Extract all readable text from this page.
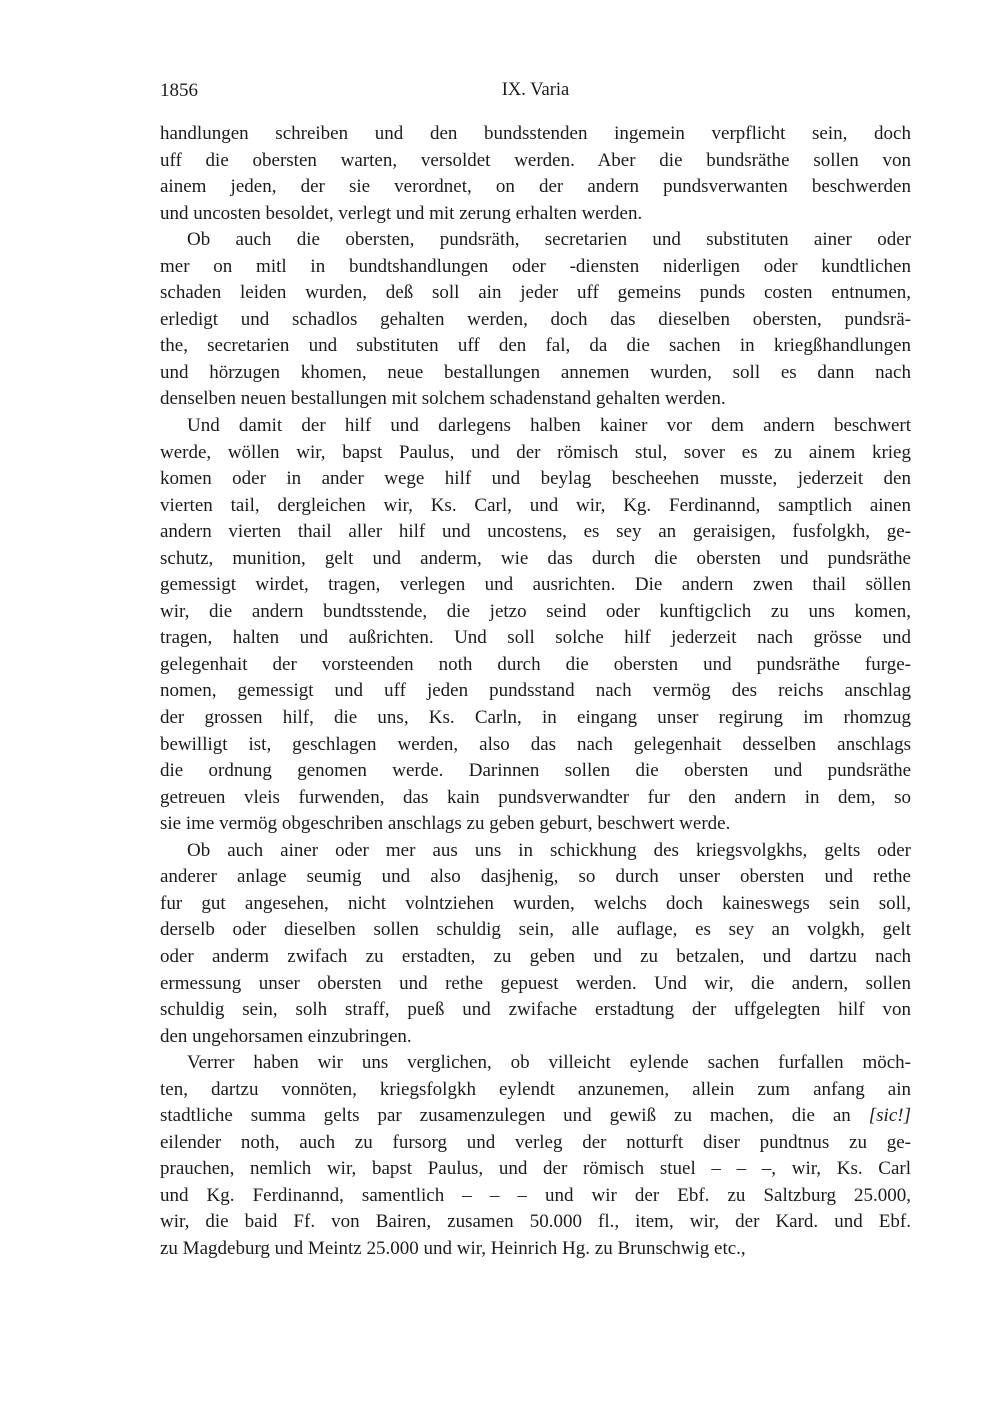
1856	IX. Varia
handlungen schreiben und den bundsstenden ingemein verpflicht sein, doch
uff die obersten warten, versoldet werden. Aber die bundsräthe sollen von
ainem jeden, der sie verordnet, on der andern pundsverwanten beschwerden
und uncosten besoldet, verlegt und mit zerung erhalten werden.
Ob auch die obersten, pundsräth, secretarien und substituten ainer oder
mer on mitl in bundtshandlungen oder -diensten niderligen oder kundtlichen
schaden leiden wurden, deß soll ain jeder uff gemeins punds costen entnumen,
erledigt und schadlos gehalten werden, doch das dieselben obersten, pundsrä-
the, secretarien und substituten uff den fal, da die sachen in kriegßhandlungen
und hörzugen khomen, neue bestallungen annemen wurden, soll es dann nach
denselben neuen bestallungen mit solchem schadenstand gehalten werden.
Und damit der hilf und darlegens halben kainer vor dem andern beschwert
werde, wöllen wir, bapst Paulus, und der römisch stul, sover es zu ainem krieg
komen oder in ander wege hilf und beylag bescheehen musste, jederzeit den
vierten tail, dergleichen wir, Ks. Carl, und wir, Kg. Ferdinannd, samptlich ainen
andern vierten thail aller hilf und uncostens, es sey an geraisigen, fusfolgkh, ge-
schutz, munition, gelt und anderm, wie das durch die obersten und pundsräthe
gemessigt wirdet, tragen, verlegen und ausrichten. Die andern zwen thail söllen
wir, die andern bundtsstende, die jetzo seind oder kunftigclich zu uns komen,
tragen, halten und außrichten. Und soll solche hilf jederzeit nach grösse und
gelegenhait der vorsteenden noth durch die obersten und pundsräthe furge-
nomen, gemessigt und uff jeden pundsstand nach vermög des reichs anschlag
der grossen hilf, die uns, Ks. Carln, in eingang unser regirung im rhomzug
bewilligt ist, geschlagen werden, also das nach gelegenhait desselben anschlags
die ordnung genomen werde. Darinnen sollen die obersten und pundsräthe
getreuen vleis furwenden, das kain pundsverwandter fur den andern in dem, so
sie ime vermög obgeschriben anschlags zu geben geburt, beschwert werde.
Ob auch ainer oder mer aus uns in schickhung des kriegsvolgkhs, gelts oder
anderer anlage seumig und also dasjhenig, so durch unser obersten und rethe
fur gut angesehen, nicht volntziehen wurden, welchs doch kaineswegs sein soll,
derselb oder dieselben sollen schuldig sein, alle auflage, es sey an volgkh, gelt
oder anderm zwifach zu erstadten, zu geben und zu betzalen, und dartzu nach
ermessung unser obersten und rethe gepuest werden. Und wir, die andern, sollen
schuldig sein, solh straff, pueß und zwifache erstadtung der uffgelegten hilf von
den ungehorsamen einzubringen.
Verrer haben wir uns verglichen, ob villeicht eylende sachen furfallen möch-
ten, dartzu vonnöten, kriegsfolgkh eylendt anzunemen, allein zum anfang ain
stadtliche summa gelts par zusamenzulegen und gewiß zu machen, die an [sic!]
eilender noth, auch zu fursorg und verleg der notturft diser pundtnus zu ge-
prauchen, nemlich wir, bapst Paulus, und der römisch stuel – – –, wir, Ks. Carl
und Kg. Ferdinannd, samentlich – – – und wir der Ebf. zu Saltzburg 25.000,
wir, die baid Ff. von Bairen, zusamen 50.000 fl., item, wir, der Kard. und Ebf.
zu Magdeburg und Meintz 25.000 und wir, Heinrich Hg. zu Brunschwig etc.,
